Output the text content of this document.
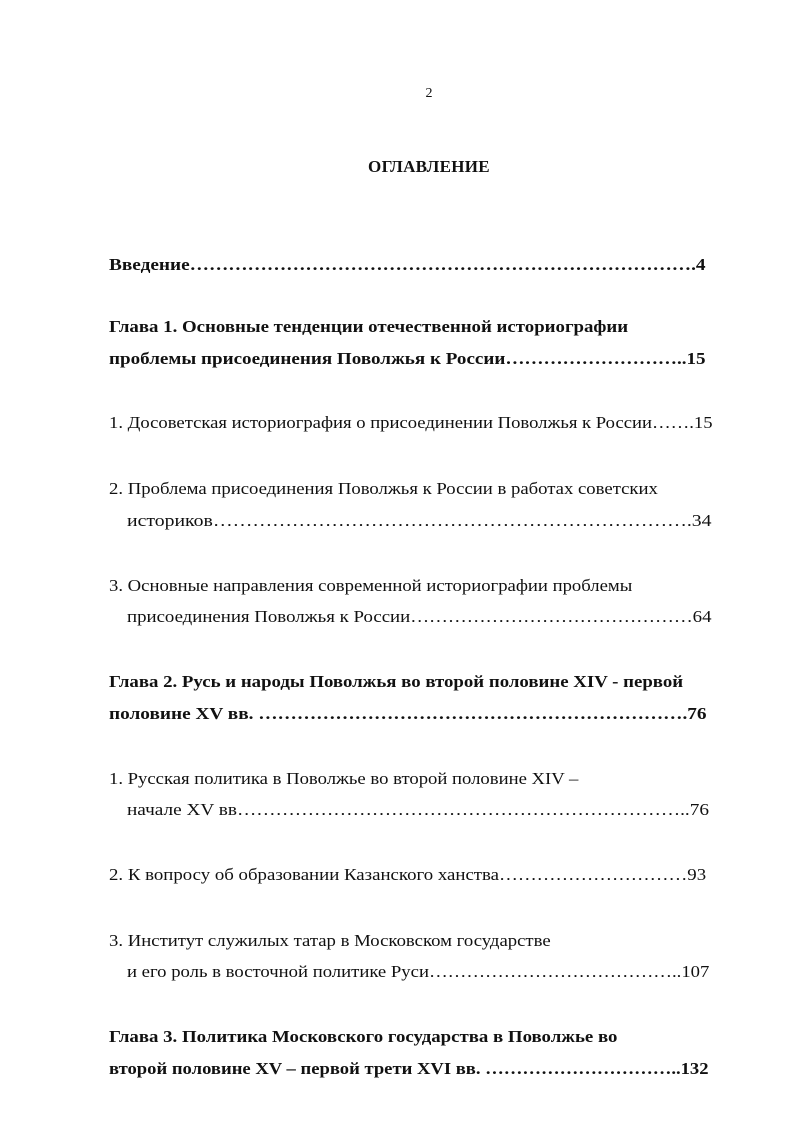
2
ОГЛАВЛЕНИЕ
Введение…………………………………………………………………….4
Глава 1. Основные тенденции отечественной историографии
проблемы присоединения Поволжья к России………………………..15
1. Досоветская историография о присоединении Поволжья к России…….15
2. Проблема присоединения Поволжья к России в работах советских
историков……………………………………………………………….34
3. Основные направления современной историографии проблемы
присоединения Поволжья к России………………………………………64
Глава 2. Русь и народы Поволжья во второй половине XIV - первой
половине XV вв. ………………………………………………………….76
1. Русская политика в Поволжье во второй половине XIV –
начале XV вв……………………………………………………………..76
2. К вопросу об образовании Казанского ханства…………………………93
3. Институт служилых татар в Московском государстве
и его роль в восточной политике Руси…………………………………..107
Глава 3. Политика Московского государства в Поволжье во
второй половине XV – первой трети XVI вв. …………………………..132
